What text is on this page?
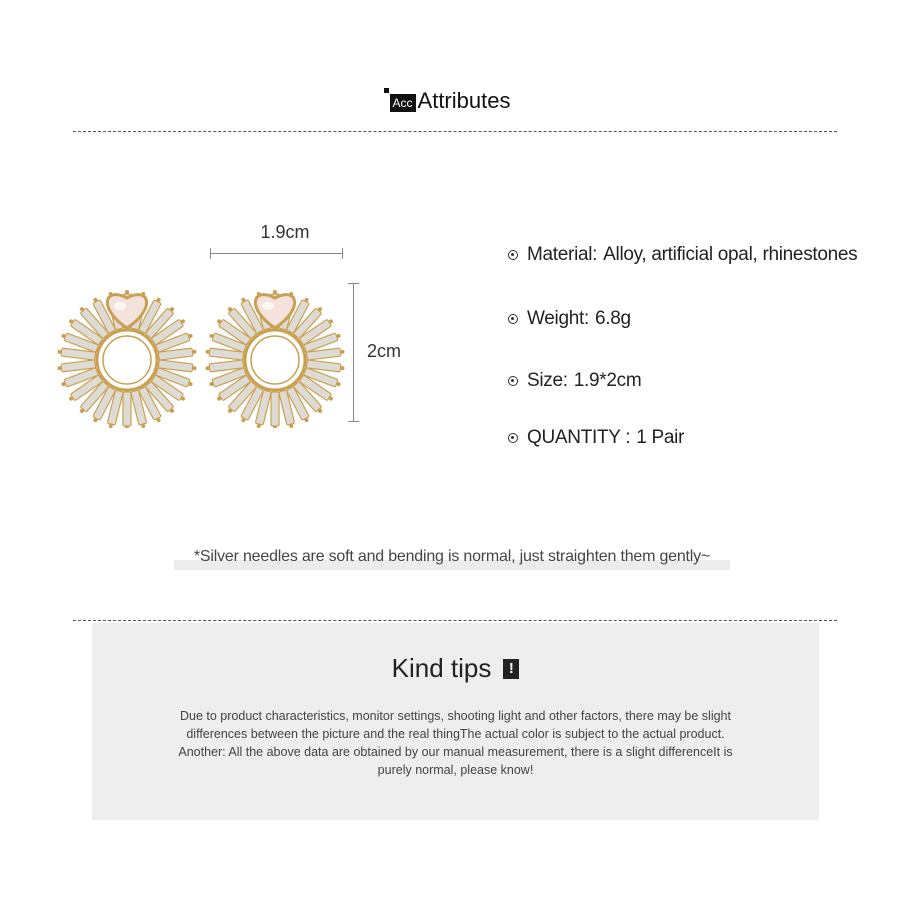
Acc Attributes
1.9cm
2cm
Material: Alloy, artificial opal, rhinestones
Weight: 6.8g
Size: 1.9*2cm
QUANTITY : 1 Pair
*Silver needles are soft and bending is normal, just straighten them gently~
Kind tips	!
Due to product characteristics, monitor settings, shooting light and other factors, there may be slight
differences between the picture and the real thingThe actual color is subject to the actual product.
Another: All the above data are obtained by our manual measurement, there is a slight differenceIt is
purely normal, please know!
